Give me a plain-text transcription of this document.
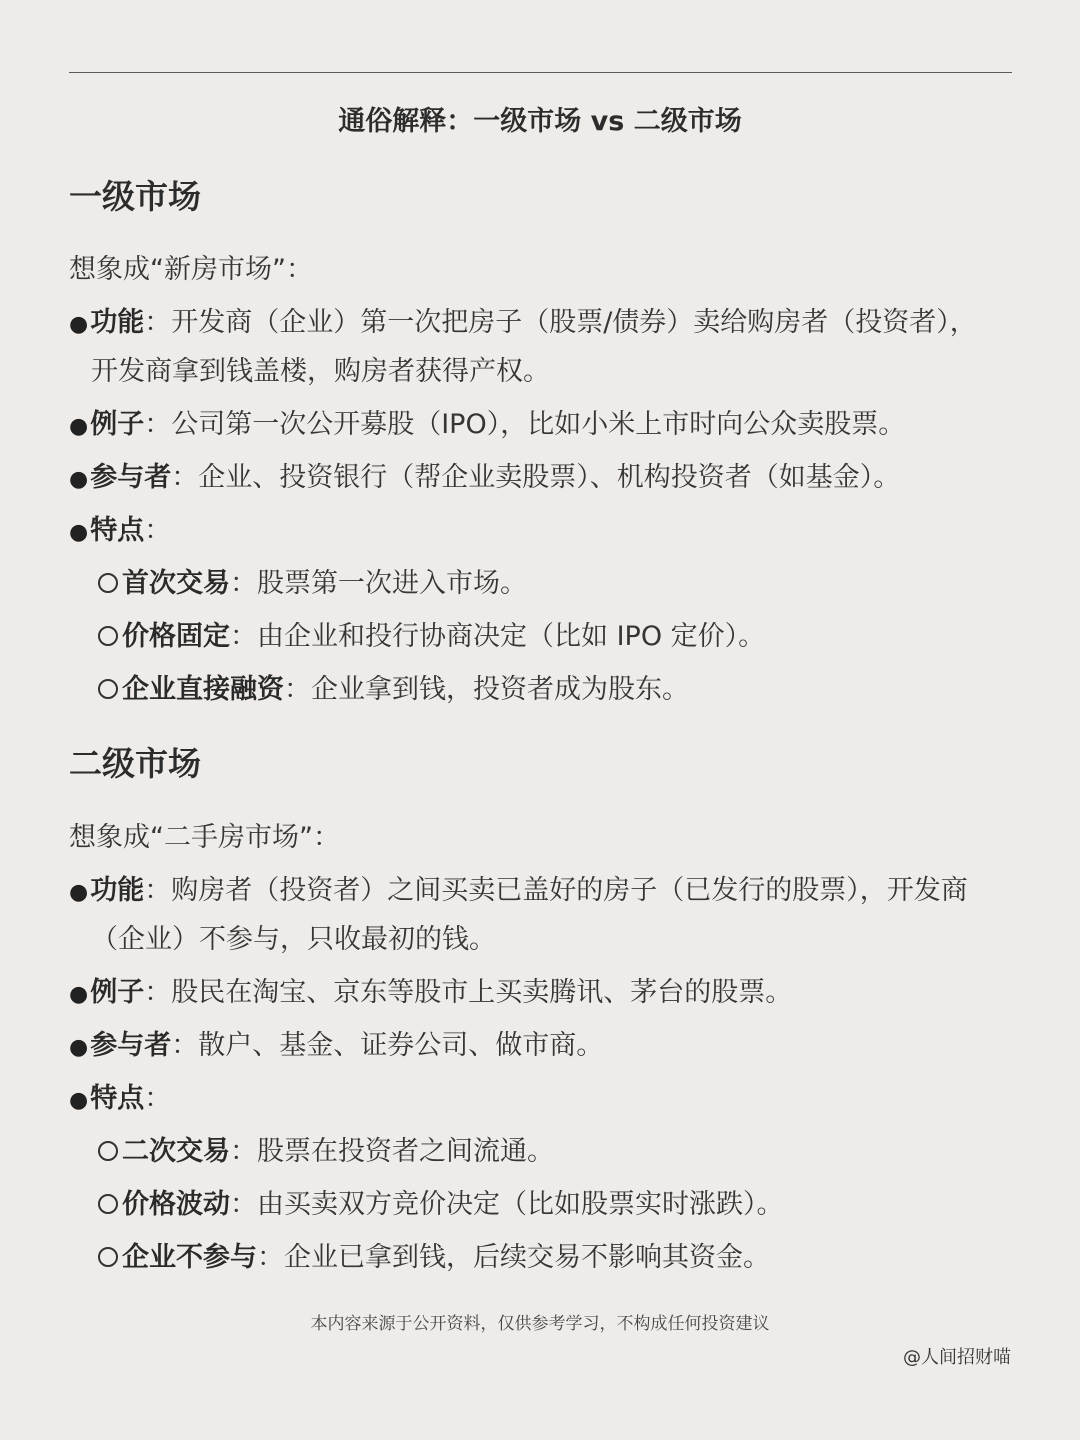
通俗解释：一级市场 vs 二级市场
一级市场
想象成“新房市场”：
●功能：开发商（企业）第一次把房子（股票/债券）卖给购房者（投资者），
开发商拿到钱盖楼，购房者获得产权。
●例子：公司第一次公开募股（IPO），比如小米上市时向公众卖股票。
●参与者：企业、投资银行（帮企业卖股票）、机构投资者（如基金）。
●特点：
首次交易：股票第一次进入市场。
价格固定：由企业和投行协商决定（比如 IPO 定价）。
企业直接融资：企业拿到钱，投资者成为股东。
二级市场
想象成“二手房市场”：
●功能：购房者（投资者）之间买卖已盖好的房子（已发行的股票），开发商
（企业）不参与，只收最初的钱。
●例子：股民在淘宝、京东等股市上买卖腾讯、茅台的股票。
●参与者：散户、基金、证券公司、做市商。
●特点：
二次交易：股票在投资者之间流通。
价格波动：由买卖双方竞价决定（比如股票实时涨跌）。
企业不参与：企业已拿到钱，后续交易不影响其资金。
本内容来源于公开资料，仅供参考学习，不构成任何投资建议
@人间招财喵
